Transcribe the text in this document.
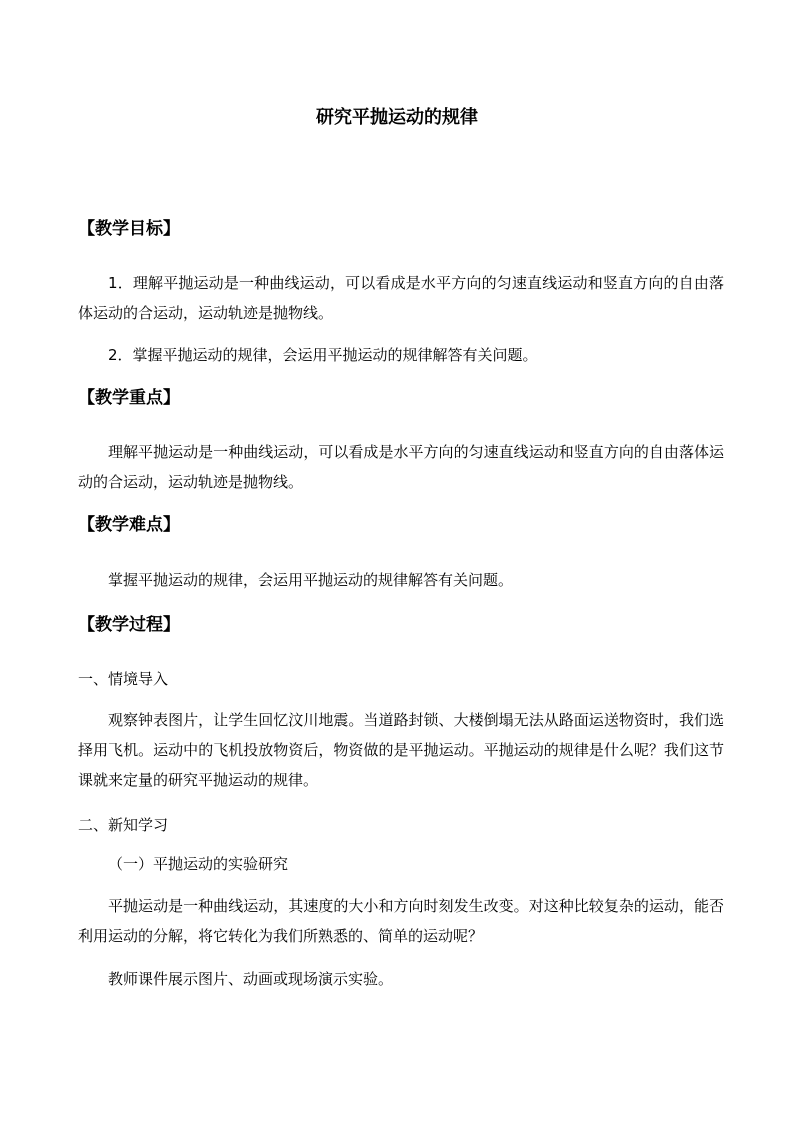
研究平抛运动的规律
【教学目标】
1．理解平抛运动是一种曲线运动，可以看成是水平方向的匀速直线运动和竖直方向的自由落体运动的合运动，运动轨迹是抛物线。
2．掌握平抛运动的规律，会运用平抛运动的规律解答有关问题。
【教学重点】
理解平抛运动是一种曲线运动，可以看成是水平方向的匀速直线运动和竖直方向的自由落体运动的合运动，运动轨迹是抛物线。
【教学难点】
掌握平抛运动的规律，会运用平抛运动的规律解答有关问题。
【教学过程】
一、情境导入
观察钟表图片，让学生回忆汶川地震。当道路封锁、大楼倒塌无法从路面运送物资时，我们选择用飞机。运动中的飞机投放物资后，物资做的是平抛运动。平抛运动的规律是什么呢？我们这节课就来定量的研究平抛运动的规律。
二、新知学习
（一）平抛运动的实验研究
平抛运动是一种曲线运动，其速度的大小和方向时刻发生改变。对这种比较复杂的运动，能否利用运动的分解，将它转化为我们所熟悉的、简单的运动呢？
教师课件展示图片、动画或现场演示实验。
